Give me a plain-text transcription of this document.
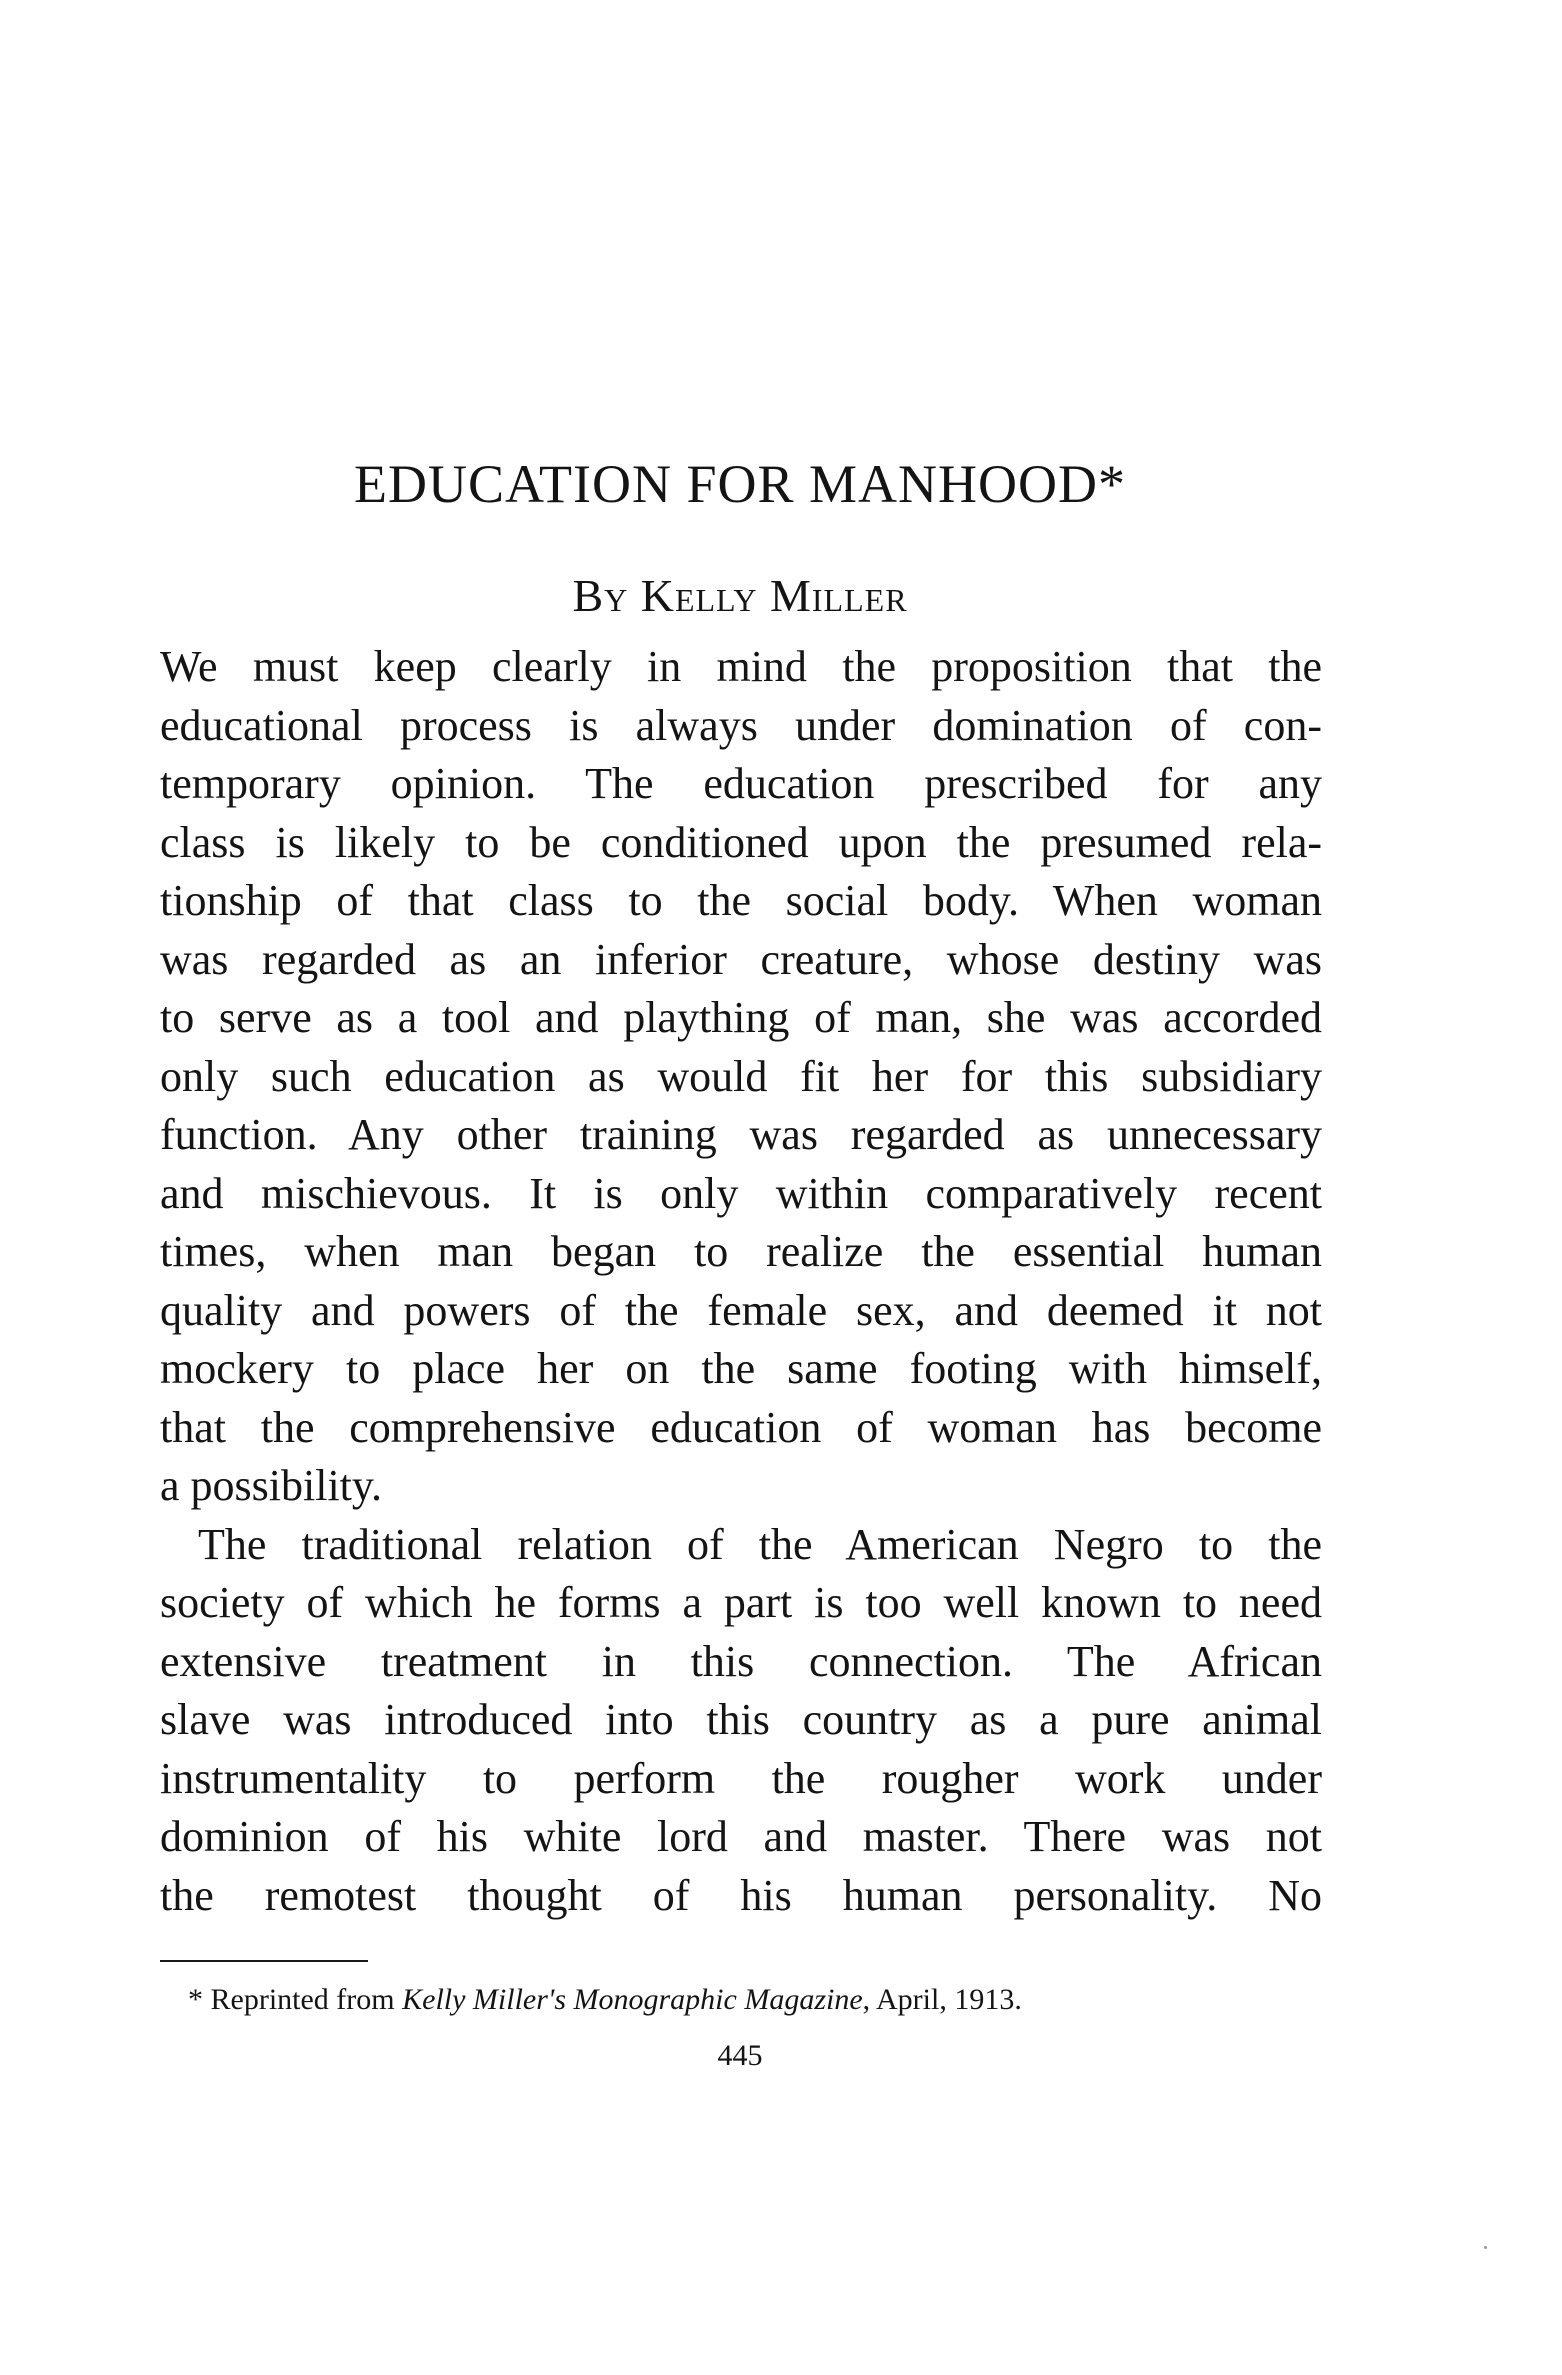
EDUCATION FOR MANHOOD*
By Kelly Miller
We must keep clearly in mind the proposition that the
educational process is always under domination of con-
temporary opinion. The education prescribed for any
class is likely to be conditioned upon the presumed rela-
tionship of that class to the social body. When woman
was regarded as an inferior creature, whose destiny was
to serve as a tool and plaything of man, she was accorded
only such education as would fit her for this subsidiary
function. Any other training was regarded as unnecessary
and mischievous. It is only within comparatively recent
times, when man began to realize the essential human
quality and powers of the female sex, and deemed it not
mockery to place her on the same footing with himself,
that the comprehensive education of woman has become
a possibility.
The traditional relation of the American Negro to the
society of which he forms a part is too well known to need
extensive treatment in this connection. The African
slave was introduced into this country as a pure animal
instrumentality to perform the rougher work under
dominion of his white lord and master. There was not
the remotest thought of his human personality. No
* Reprinted from Kelly Miller's Monographic Magazine, April, 1913.
445
